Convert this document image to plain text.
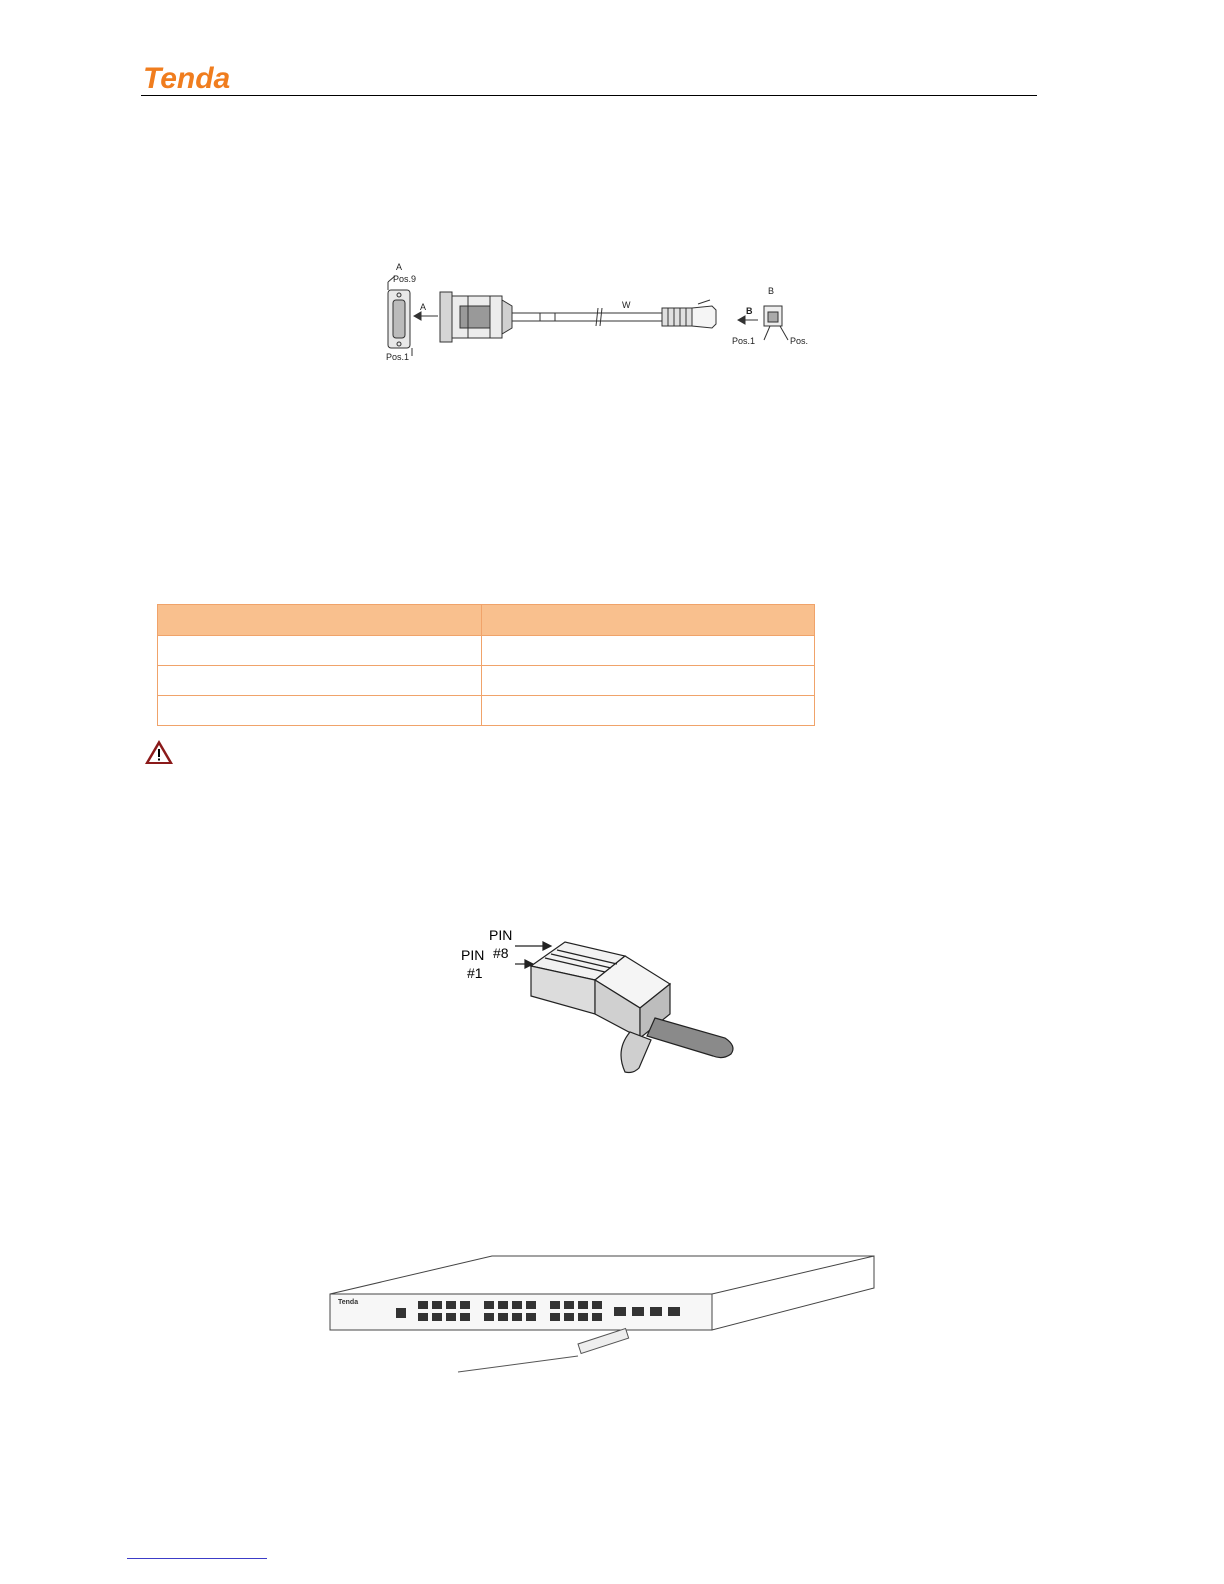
Tenda
A
Pos.9
A
Pos.1
W
B
B
Pos.1	Pos.

PIN
#8
PIN
#1
Tenda
